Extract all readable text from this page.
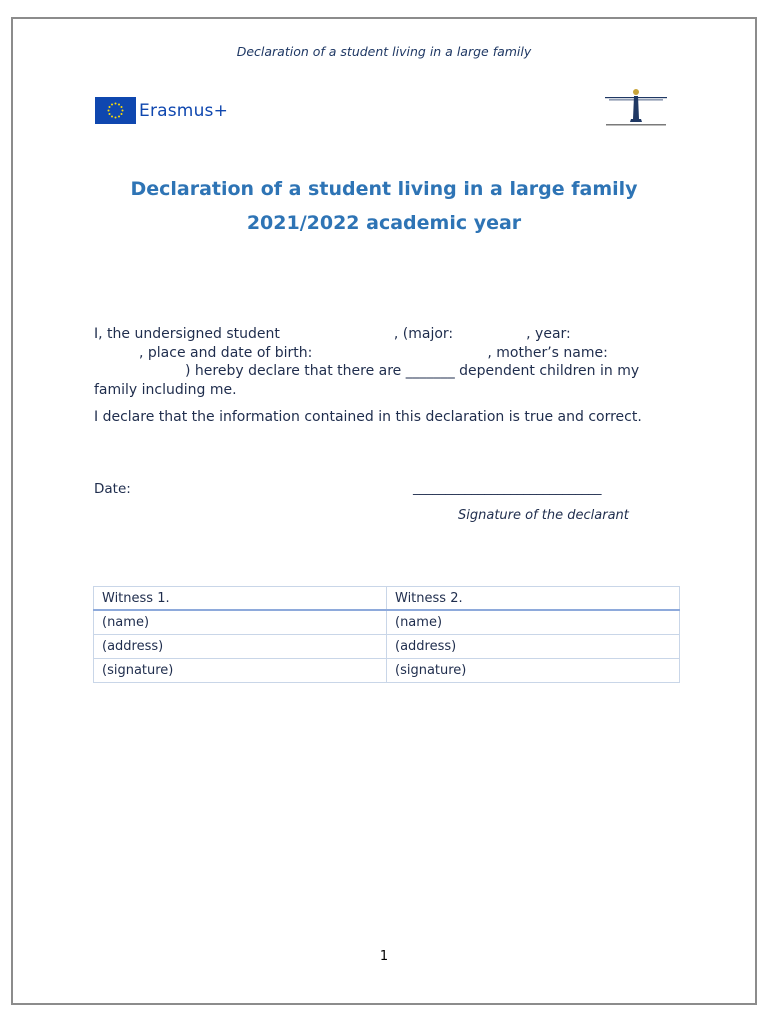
Declaration of a student living in a large family
Erasmus+
Declaration of a student living in a large family
2021/2022 academic year
I, the undersigned student	, (major:	, year:
, place and date of birth:	, mother’s name:
) hereby declare that there are _______ dependent children in my family including me.
I declare that the information contained in this declaration is true and correct.
Date:	_____________________________
Signature of the declarant
Witness 1.	Witness 2.
(name)	(name)
(address)	(address)
(signature)	(signature)
1
